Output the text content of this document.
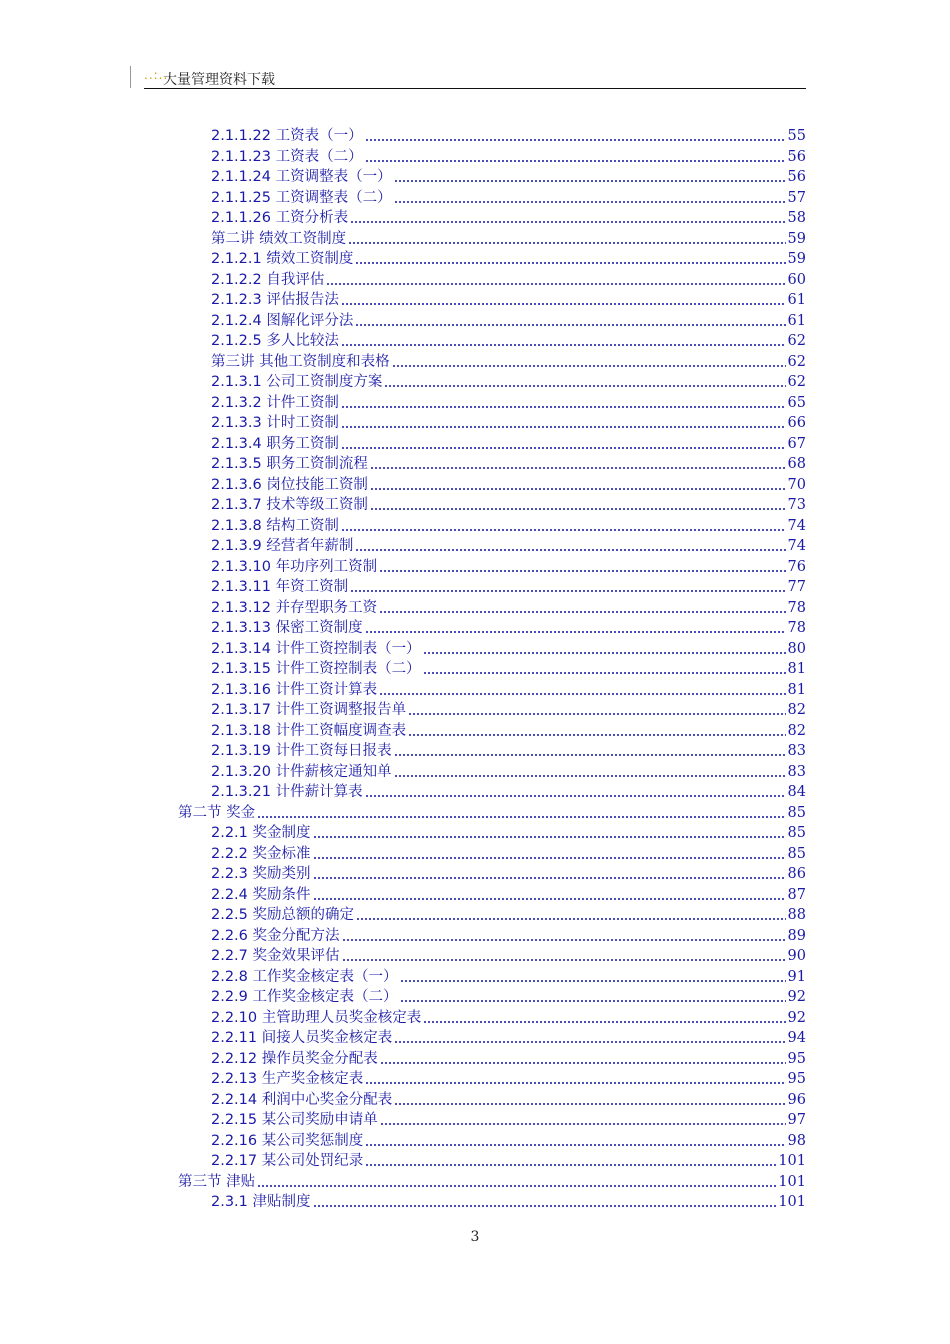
..:..
大量管理资料下载
2.1.1.22 工资表（一）	55
2.1.1.23 工资表（二）	56
2.1.1.24 工资调整表（一）	56
2.1.1.25 工资调整表（二）	57
2.1.1.26 工资分析表	58
第二讲 绩效工资制度	59
2.1.2.1 绩效工资制度	59
2.1.2.2 自我评估	60
2.1.2.3 评估报告法	61
2.1.2.4 图解化评分法	61
2.1.2.5 多人比较法	62
第三讲 其他工资制度和表格	62
2.1.3.1 公司工资制度方案	62
2.1.3.2 计件工资制	65
2.1.3.3 计时工资制	66
2.1.3.4 职务工资制	67
2.1.3.5 职务工资制流程	68
2.1.3.6 岗位技能工资制	70
2.1.3.7 技术等级工资制	73
2.1.3.8 结构工资制	74
2.1.3.9 经营者年薪制	74
2.1.3.10 年功序列工资制	76
2.1.3.11 年资工资制	77
2.1.3.12 并存型职务工资	78
2.1.3.13 保密工资制度	78
2.1.3.14 计件工资控制表（一）	80
2.1.3.15 计件工资控制表（二）	81
2.1.3.16 计件工资计算表	81
2.1.3.17 计件工资调整报告单	82
2.1.3.18 计件工资幅度调查表	82
2.1.3.19 计件工资每日报表	83
2.1.3.20 计件薪核定通知单	83
2.1.3.21 计件薪计算表	84
第二节 奖金	85
2.2.1 奖金制度	85
2.2.2 奖金标准	85
2.2.3 奖励类别	86
2.2.4 奖励条件	87
2.2.5 奖励总额的确定	88
2.2.6 奖金分配方法	89
2.2.7 奖金效果评估	90
2.2.8 工作奖金核定表（一）	91
2.2.9 工作奖金核定表（二）	92
2.2.10 主管助理人员奖金核定表	92
2.2.11 间接人员奖金核定表	94
2.2.12 操作员奖金分配表	95
2.2.13 生产奖金核定表	95
2.2.14 利润中心奖金分配表	96
2.2.15 某公司奖励申请单	97
2.2.16 某公司奖惩制度	98
2.2.17 某公司处罚纪录	101
第三节 津贴	101
2.3.1 津贴制度	101
3
